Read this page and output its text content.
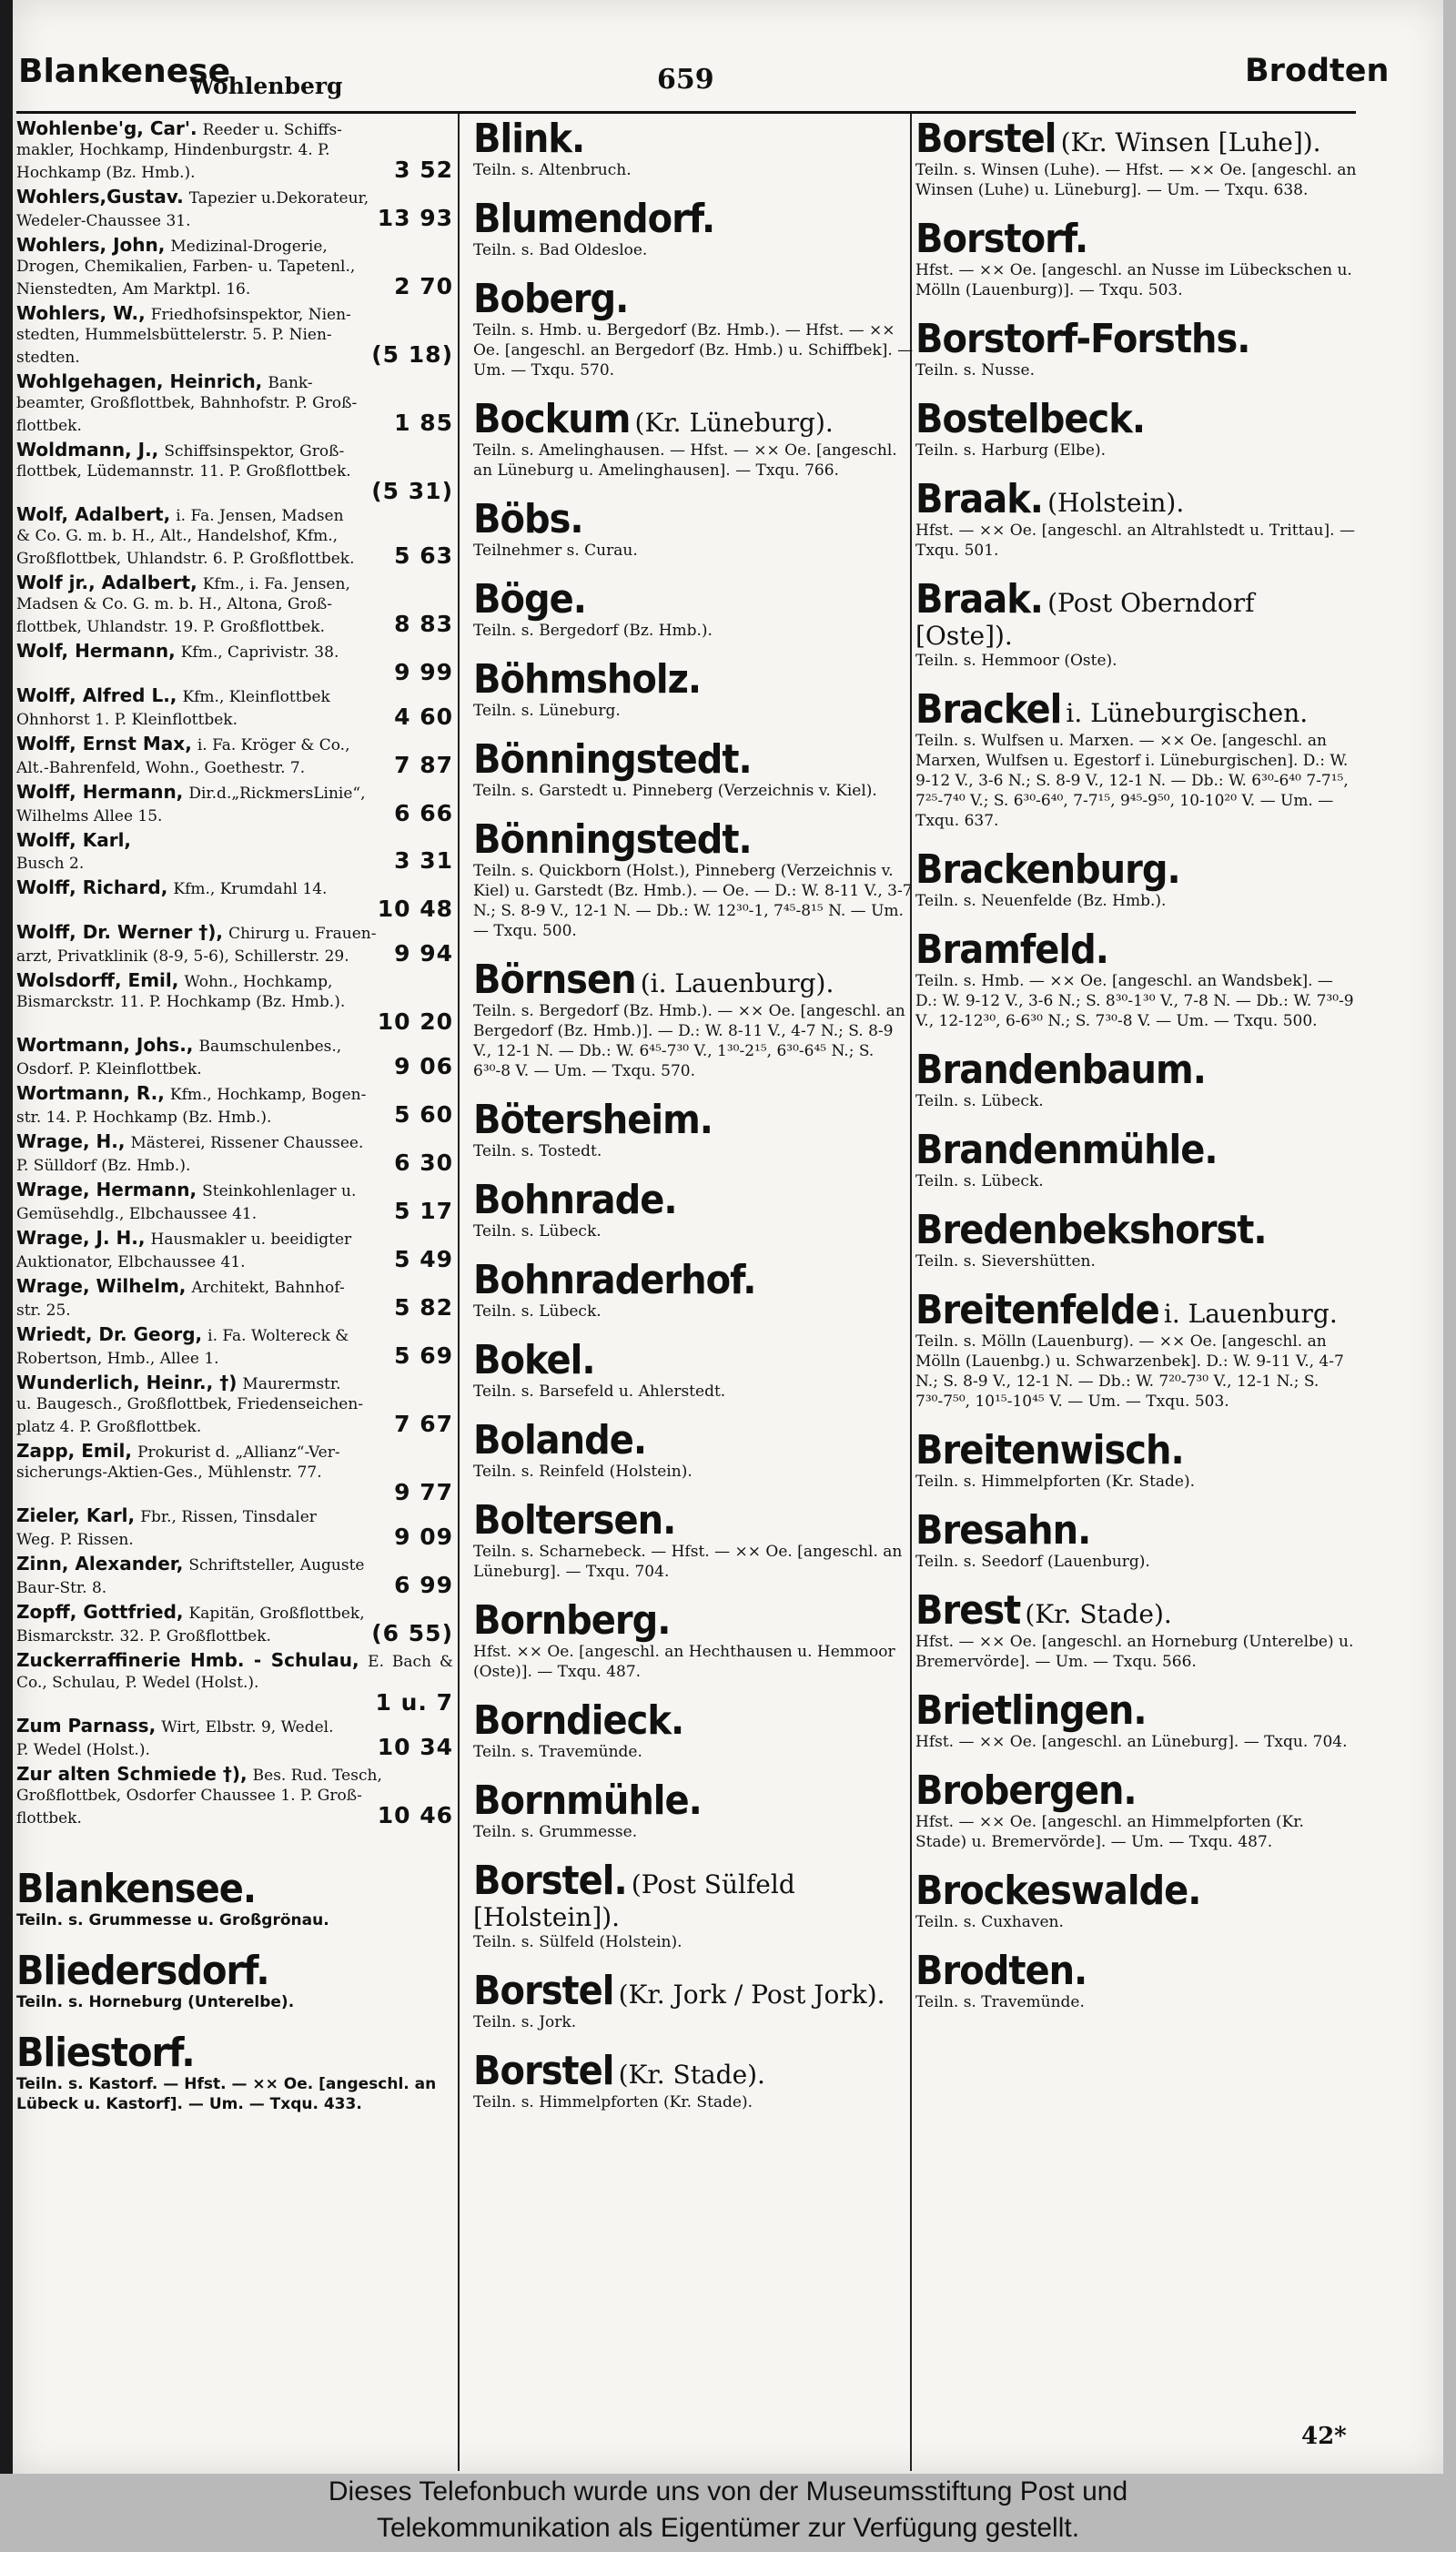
Blankenese
Wohlenberg	659	Brodten
Wohlenbe'g, Car'. Reeder u. Schiffs-
makler, Hochkamp, Hindenburgstr. 4. P.
Hochkamp (Bz. Hmb.).	3 52
Wohlers,Gustav. Tapezier u.Dekorateur,
Wedeler-Chaussee 31.	13 93
Wohlers, John, Medizinal-Drogerie,
Drogen, Chemikalien, Farben- u. Tapetenl.,
Nienstedten, Am Marktpl. 16.	2 70
Wohlers, W., Friedhofsinspektor, Nien-
stedten, Hummelsbüttelerstr. 5. P. Nien-
stedten.	(5 18)
Wohlgehagen, Heinrich, Bank-
beamter, Großflottbek, Bahnhofstr. P. Groß-
flottbek.	1 85
Woldmann, J., Schiffsinspektor, Groß-
flottbek, Lüdemannstr. 11. P. Großflottbek.
(5 31)
Wolf, Adalbert, i. Fa. Jensen, Madsen
& Co. G. m. b. H., Alt., Handelshof, Kfm.,
Großflottbek, Uhlandstr. 6. P. Großflottbek. 5 63
Wolf jr., Adalbert, Kfm., i. Fa. Jensen,
Madsen & Co. G. m. b. H., Altona, Groß-
flottbek, Uhlandstr. 19. P. Großflottbek.	8 83
Wolf, Hermann, Kfm., Caprivistr. 38.
9 99
Wolff, Alfred L., Kfm., Kleinflottbek
Ohnhorst 1. P. Kleinflottbek.	4 60
Wolff, Ernst Max, i. Fa. Kröger & Co.,
Alt.-Bahrenfeld, Wohn., Goethestr. 7.	7 87
Wolff, Hermann, Dir.d.„RickmersLinie“,
Wilhelms Allee 15.	6 66
Wolff, Karl,
Busch 2.	3 31
Wolff, Richard, Kfm., Krumdahl 14.
10 48
Wolff, Dr. Werner †), Chirurg u. Frauen-
arzt, Privatklinik (8-9, 5-6), Schillerstr. 29. 9 94
Wolsdorff, Emil, Wohn., Hochkamp,
Bismarckstr. 11. P. Hochkamp (Bz. Hmb.).
10 20
Wortmann, Johs., Baumschulenbes.,
Osdorf. P. Kleinflottbek.	9 06
Wortmann, R., Kfm., Hochkamp, Bogen-
str. 14. P. Hochkamp (Bz. Hmb.).	5 60
Wrage, H., Mästerei, Rissener Chaussee.
P. Sülldorf (Bz. Hmb.).	6 30
Wrage, Hermann, Steinkohlenlager u.
Gemüsehdlg., Elbchaussee 41.	5 17
Wrage, J. H., Hausmakler u. beeidigter
Auktionator, Elbchaussee 41.	5 49
Wrage, Wilhelm, Architekt, Bahnhof-
str. 25.	5 82
Wriedt, Dr. Georg, i. Fa. Woltereck &
Robertson, Hmb., Allee 1.	5 69
Wunderlich, Heinr., †) Maurermstr.
u. Baugesch., Großflottbek, Friedenseichen-
platz 4. P. Großflottbek.	7 67
Zapp, Emil, Prokurist d. „Allianz“-Ver-
sicherungs-Aktien-Ges., Mühlenstr. 77.
9 77
Zieler, Karl, Fbr., Rissen, Tinsdaler
Weg. P. Rissen.	9 09
Zinn, Alexander, Schriftsteller, Auguste
Baur-Str. 8.	6 99
Zopff, Gottfried, Kapitän, Großflottbek,
Bismarckstr. 32. P. Großflottbek.	(6 55)
Zuckerraffinerie Hmb. - Schulau, E. Bach & Co., Schulau, P. Wedel (Holst.).
1 u. 7
Zum Parnass, Wirt, Elbstr. 9, Wedel.
P. Wedel (Holst.).	10 34
Zur alten Schmiede †), Bes. Rud. Tesch,
Großflottbek, Osdorfer Chaussee 1. P. Groß-
flottbek.	10 46
Blankensee.
Teiln. s. Grummesse u. Großgrönau.
Bliedersdorf.
Teiln. s. Horneburg (Unterelbe).
Bliestorf.
Teiln. s. Kastorf. — Hfst. — ×× Oe. [angeschl. an Lübeck u. Kastorf]. — Um. — Txqu. 433.
Blink.
Teiln. s. Altenbruch.
Blumendorf.
Teiln. s. Bad Oldesloe.
Boberg.
Teiln. s. Hmb. u. Bergedorf (Bz. Hmb.). — Hfst. — ×× Oe. [angeschl. an Bergedorf (Bz. Hmb.) u. Schiffbek]. — Um. — Txqu. 570.
Bockum (Kr. Lüneburg).
Teiln. s. Amelinghausen. — Hfst. — ×× Oe. [angeschl. an Lüneburg u. Amelinghausen]. — Txqu. 766.
Böbs.
Teilnehmer s. Curau.
Böge.
Teiln. s. Bergedorf (Bz. Hmb.).
Böhmsholz.
Teiln. s. Lüneburg.
Bönningstedt.
Teiln. s. Garstedt u. Pinneberg (Verzeichnis v. Kiel).
Bönningstedt.
Teiln. s. Quickborn (Holst.), Pinneberg (Verzeichnis v. Kiel) u. Garstedt (Bz. Hmb.). — Oe. — D.: W. 8-11 V., 3-7 N.; S. 8-9 V., 12-1 N. — Db.: W. 12³⁰-1, 7⁴⁵-8¹⁵ N. — Um. — Txqu. 500.
Börnsen (i. Lauenburg).
Teiln. s. Bergedorf (Bz. Hmb.). — ×× Oe. [angeschl. an Bergedorf (Bz. Hmb.)]. — D.: W. 8-11 V., 4-7 N.; S. 8-9 V., 12-1 N. — Db.: W. 6⁴⁵-7³⁰ V., 1³⁰-2¹⁵, 6³⁰-6⁴⁵ N.; S. 6³⁰-8 V. — Um. — Txqu. 570.
Bötersheim.
Teiln. s. Tostedt.
Bohnrade.
Teiln. s. Lübeck.
Bohnraderhof.
Teiln. s. Lübeck.
Bokel.
Teiln. s. Barsefeld u. Ahlerstedt.
Bolande.
Teiln. s. Reinfeld (Holstein).
Boltersen.
Teiln. s. Scharnebeck. — Hfst. — ×× Oe. [angeschl. an Lüneburg]. — Txqu. 704.
Bornberg.
Hfst. ×× Oe. [angeschl. an Hechthausen u. Hemmoor (Oste)]. — Txqu. 487.
Borndieck.
Teiln. s. Travemünde.
Bornmühle.
Teiln. s. Grummesse.
Borstel. (Post Sülfeld [Holstein]).
Teiln. s. Sülfeld (Holstein).
Borstel (Kr. Jork / Post Jork).
Teiln. s. Jork.
Borstel (Kr. Stade).
Teiln. s. Himmelpforten (Kr. Stade).
Borstel (Kr. Winsen [Luhe]).
Teiln. s. Winsen (Luhe). — Hfst. — ×× Oe. [angeschl. an Winsen (Luhe) u. Lüneburg]. — Um. — Txqu. 638.
Borstorf.
Hfst. — ×× Oe. [angeschl. an Nusse im Lübeckschen u. Mölln (Lauenburg)]. — Txqu. 503.
Borstorf-Forsths.
Teiln. s. Nusse.
Bostelbeck.
Teiln. s. Harburg (Elbe).
Braak. (Holstein).
Hfst. — ×× Oe. [angeschl. an Altrahlstedt u. Trittau]. — Txqu. 501.
Braak. (Post Oberndorf [Oste]).
Teiln. s. Hemmoor (Oste).
Brackel i. Lüneburgischen.
Teiln. s. Wulfsen u. Marxen. — ×× Oe. [angeschl. an Marxen, Wulfsen u. Egestorf i. Lüneburgischen]. D.: W. 9-12 V., 3-6 N.; S. 8-9 V., 12-1 N. — Db.: W. 6³⁰-6⁴⁰ 7-7¹⁵, 7²⁵-7⁴⁰ V.; S. 6³⁰-6⁴⁰, 7-7¹⁵, 9⁴⁵-9⁵⁰, 10-10²⁰ V. — Um. — Txqu. 637.
Brackenburg.
Teiln. s. Neuenfelde (Bz. Hmb.).
Bramfeld.
Teiln. s. Hmb. — ×× Oe. [angeschl. an Wandsbek]. — D.: W. 9-12 V., 3-6 N.; S. 8³⁰-1³⁰ V., 7-8 N. — Db.: W. 7³⁰-9 V., 12-12³⁰, 6-6³⁰ N.; S. 7³⁰-8 V. — Um. — Txqu. 500.
Brandenbaum.
Teiln. s. Lübeck.
Brandenmühle.
Teiln. s. Lübeck.
Bredenbekshorst.
Teiln. s. Sievershütten.
Breitenfelde i. Lauenburg.
Teiln. s. Mölln (Lauenburg). — ×× Oe. [angeschl. an Mölln (Lauenbg.) u. Schwarzenbek]. D.: W. 9-11 V., 4-7 N.; S. 8-9 V., 12-1 N. — Db.: W. 7²⁰-7³⁰ V., 12-1 N.; S. 7³⁰-7⁵⁰, 10¹⁵-10⁴⁵ V. — Um. — Txqu. 503.
Breitenwisch.
Teiln. s. Himmelpforten (Kr. Stade).
Bresahn.
Teiln. s. Seedorf (Lauenburg).
Brest (Kr. Stade).
Hfst. — ×× Oe. [angeschl. an Horneburg (Unterelbe) u. Bremervörde]. — Um. — Txqu. 566.
Brietlingen.
Hfst. — ×× Oe. [angeschl. an Lüneburg]. — Txqu. 704.
Brobergen.
Hfst. — ×× Oe. [angeschl. an Himmelpforten (Kr. Stade) u. Bremervörde]. — Um. — Txqu. 487.
Brockeswalde.
Teiln. s. Cuxhaven.
Brodten.
Teiln. s. Travemünde.
42*
Dieses Telefonbuch wurde uns von der Museumsstiftung Post und
Telekommunikation als Eigentümer zur Verfügung gestellt.
